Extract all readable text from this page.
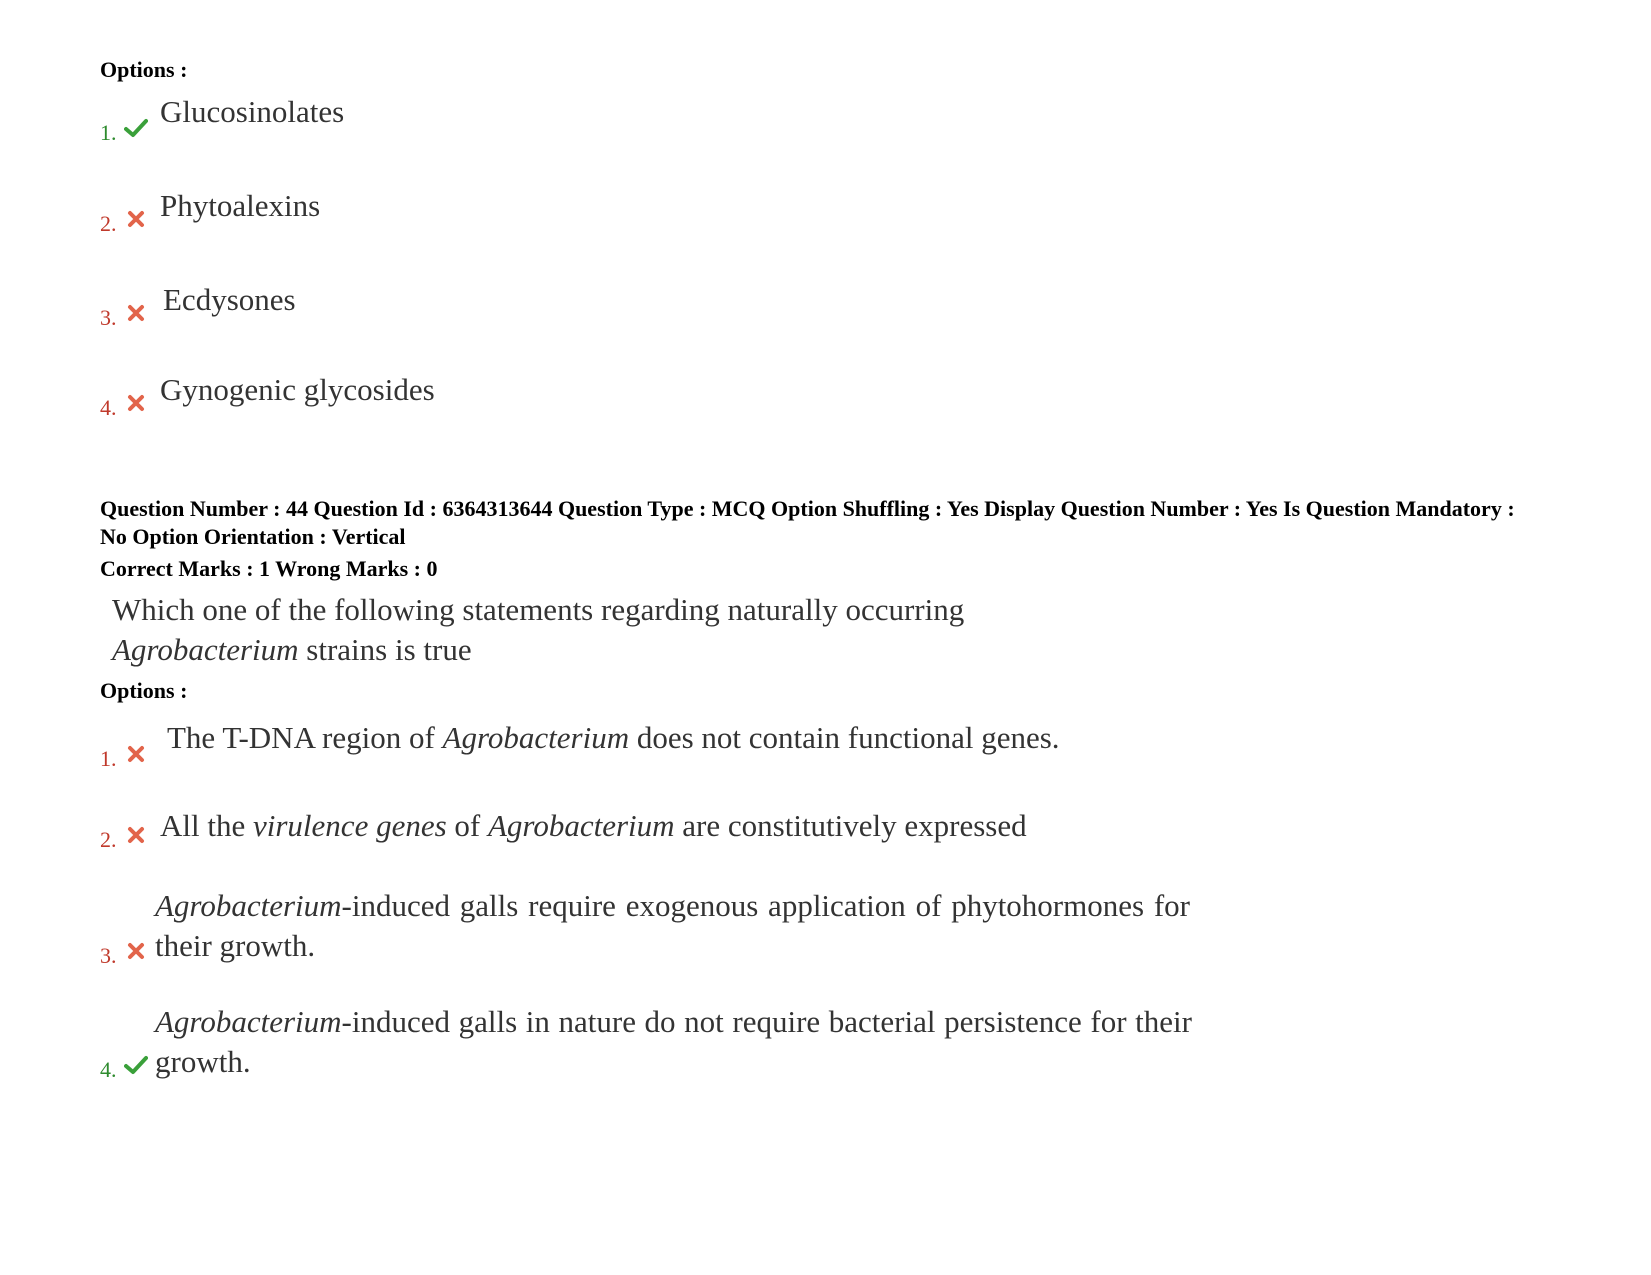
Options :
1.
Glucosinolates
2.
Phytoalexins
3.
Ecdysones
4.
Gynogenic glycosides
Question Number : 44 Question Id : 6364313644 Question Type : MCQ Option Shuffling : Yes Display Question Number : Yes Is Question Mandatory : No Option Orientation : Vertical
Correct Marks : 1 Wrong Marks : 0
Which one of the following statements regarding naturally occurring
Agrobacterium strains is true
Options :
1.
The T-DNA region of Agrobacterium does not contain functional genes.
2. All the virulence genes of Agrobacterium are constitutively expressed
3.
Agrobacterium-induced galls require exogenous application of phytohormones for their growth.
4.
Agrobacterium-induced galls in nature do not require bacterial persistence for their growth.
